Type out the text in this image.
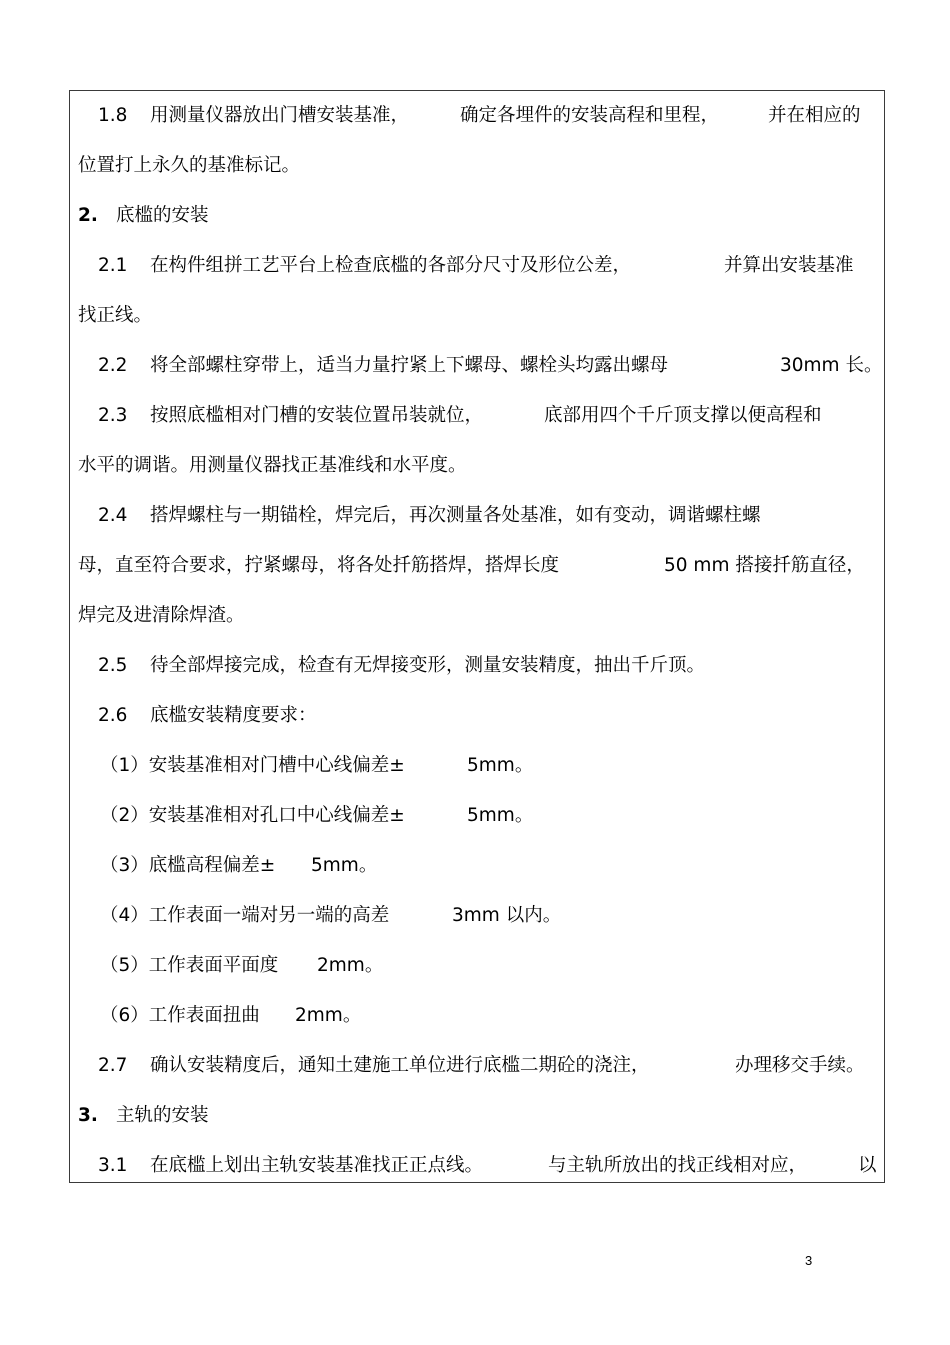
1.8 用测量仪器放出门槽安装基准，	确定各埋件的安装高程和里程，	并在相应的
位置打上永久的基准标记。
2. 底槛的安装
2.1 在构件组拼工艺平台上检查底槛的各部分尺寸及形位公差，	并算出安装基准
找正线。
2.2 将全部螺柱穿带上，适当力量拧紧上下螺母、螺栓头均露出螺母	30mm 长。
2.3 按照底槛相对门槽的安装位置吊装就位，	底部用四个千斤顶支撑以便高程和
水平的调谐。用测量仪器找正基准线和水平度。
2.4 搭焊螺柱与一期锚栓，焊完后，再次测量各处基准，如有变动，调谐螺柱螺
母，直至符合要求，拧紧螺母，将各处扦筋搭焊，搭焊长度	50 mm 搭接扦筋直径，
焊完及进清除焊渣。
2.5 待全部焊接完成，检查有无焊接变形，测量安装精度，抽出千斤顶。
2.6 底槛安装精度要求：
（1）安装基准相对门槽中心线偏差±	5mm。
（2）安装基准相对孔口中心线偏差±	5mm。
（3）底槛高程偏差± 5mm。
（4）工作表面一端对另一端的高差	3mm 以内。
（5）工作表面平面度 2mm。
（6）工作表面扭曲 2mm。
2.7 确认安装精度后，通知土建施工单位进行底槛二期砼的浇注，	办理移交手续。
3. 主轨的安装
3.1 在底槛上划出主轨安装基准找正正点线。	与主轨所放出的找正线相对应，	以
3
